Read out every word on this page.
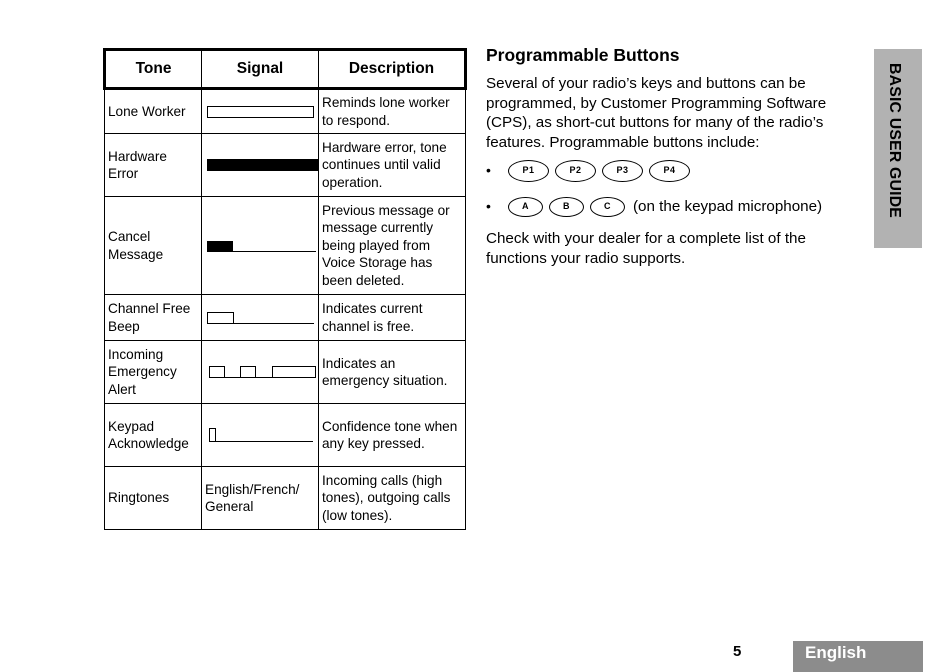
Tone	Signal	Description
Lone Worker		Reminds lone worker to respond.
Hardware Error		Hardware error, tone continues until valid operation.
Cancel Message		Previous message or message currently being played from Voice Storage has been deleted.
Channel Free Beep		Indicates current channel is free.
Incoming Emergency Alert		Indicates an emergency situation.
Keypad Acknowledge		Confidence tone when any key pressed.
Ringtones	English/French/ General	Incoming calls (high tones), outgoing calls (low tones).
Programmable Buttons

Several of your radio’s keys and buttons can be programmed, by Customer Programming Software (CPS), as short-cut buttons for many of the radio’s features. Programmable buttons include:

•	P1	P2	P3	P4
•	A	B	C	(on the keypad microphone)

Check with your dealer for a complete list of the functions your radio supports.

BASIC USER GUIDE
5	English
